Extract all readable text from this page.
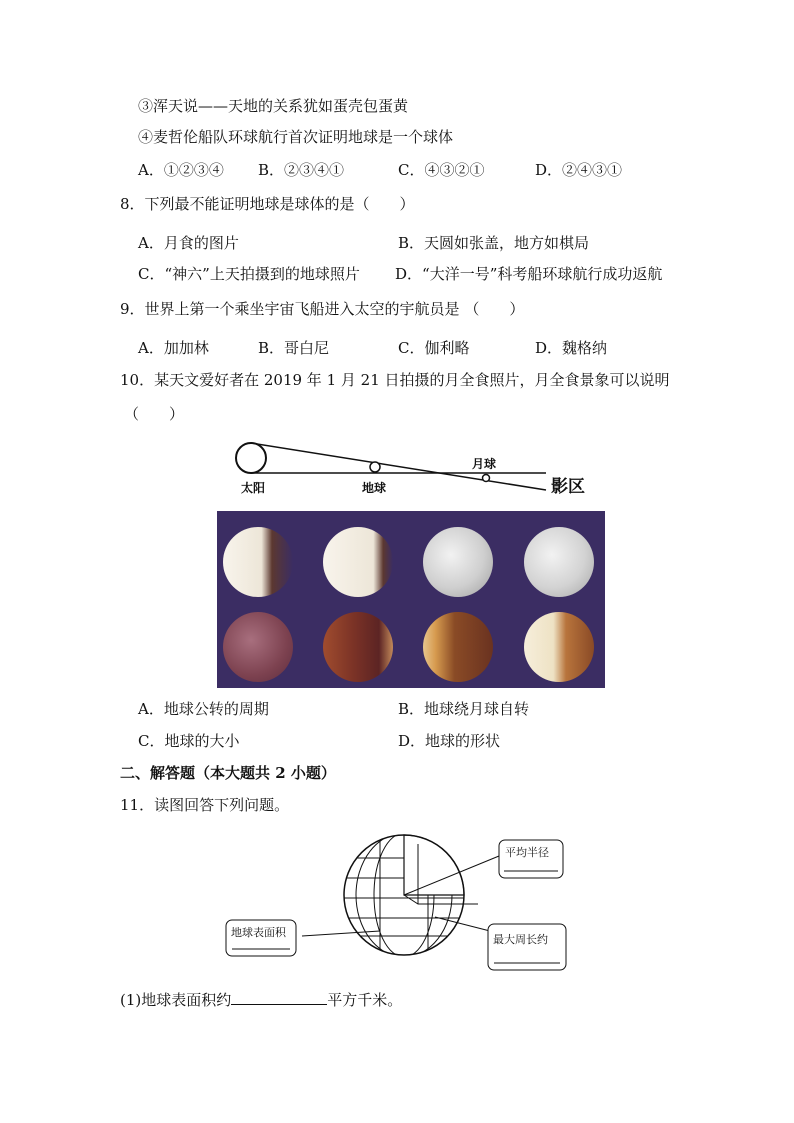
③浑天说——天地的关系犹如蛋壳包蛋黄
④麦哲伦船队环球航行首次证明地球是一个球体
A．①②③④ B．②③④①	C．④③②①	D．②④③①
8．下列最不能证明地球是球体的是（　　）
A．月食的图片	B．天圆如张盖，地方如棋局
C．“神六”上天拍摄到的地球照片 D．“大洋一号”科考船环球航行成功返航
9．世界上第一个乘坐宇宙飞船进入太空的宇航员是 （　　）
A．加加林	B．哥白尼	C．伽利略	D．魏格纳
10．某天文爱好者在 2019 年 1 月 21 日拍摄的月全食照片，月全食景象可以说明
（　　）
太阳	地球
月球
影区
A．地球公转的周期	B．地球绕月球自转
C．地球的大小	D．地球的形状
二、解答题（本大题共 2 小题）
11．读图回答下列问题。
地球表面积
平均半径
最大周长约
(1)地球表面积约	平方千米。
